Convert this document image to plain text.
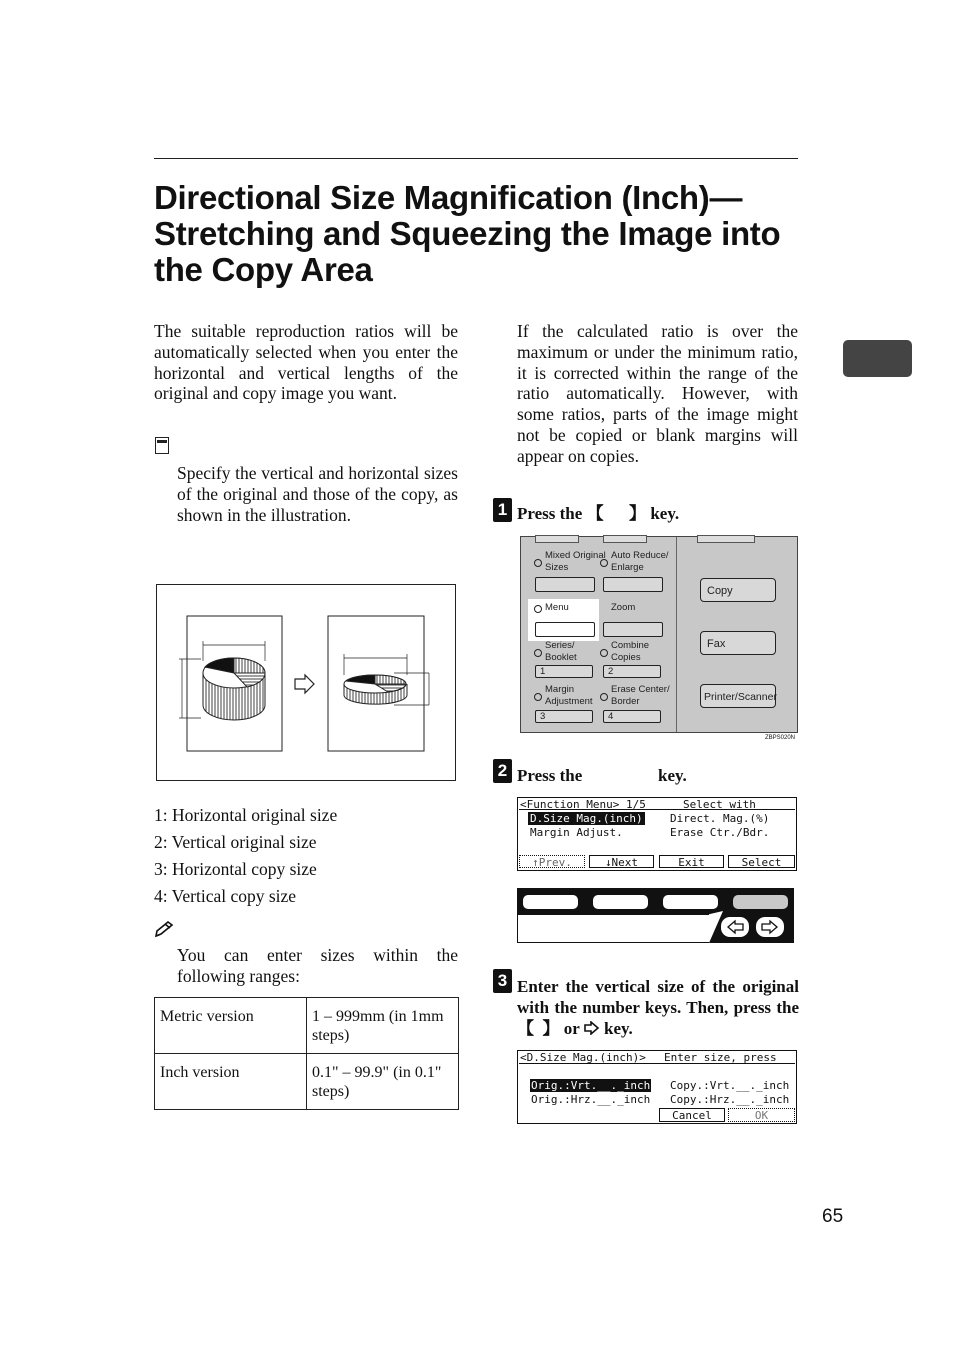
Directional Size Magnification (Inch)—
Stretching and Squeezing the Image into
the Copy Area

The suitable reproduction ratios will be automatically selected when you enter the horizontal and vertical lengths of the original and copy image you want.

Specify the vertical and horizontal sizes of the original and those of the copy, as shown in the illustration.

1: Horizontal original size
2: Vertical original size
3: Horizontal copy size
4: Vertical copy size

You can enter sizes within the following ranges:

Metric version	1 – 999mm (in 1mm steps)
Inch version	0.1" – 99.9" (in 0.1" steps)

If the calculated ratio is over the maximum or under the minimum ratio, it is corrected within the range of the ratio automatically. However, with some ratios, parts of the image might not be copied or blank margins will appear on copies.

1 Press the 【      】 key.
Mixed Original
Sizes
Auto Reduce/
Enlarge
Menu	Zoom
Series/
Booklet
1
Combine
Copies
2
Margin
Adjustment
3
Erase Center/
Border
4
Copy
Fax
Printer/Scanner
ZBPS020N
2 Press the	key.
<Function Menu> 1/5	Select with
D.Size Mag.(inch) Direct. Mag.(%)
Margin Adjust.	Erase Ctr./Bdr.
↑Prev.	↓Next	Exit	Select
3 Enter the vertical size of the original with the number keys. Then, press the 【  】 or key.
<D.Size Mag.(inch)> Enter size, press
Orig.:Vrt.__._inch Copy.:Vrt.__._inch
Orig.:Hrz.__._inch Copy.:Hrz.__._inch
Cancel	OK
65
